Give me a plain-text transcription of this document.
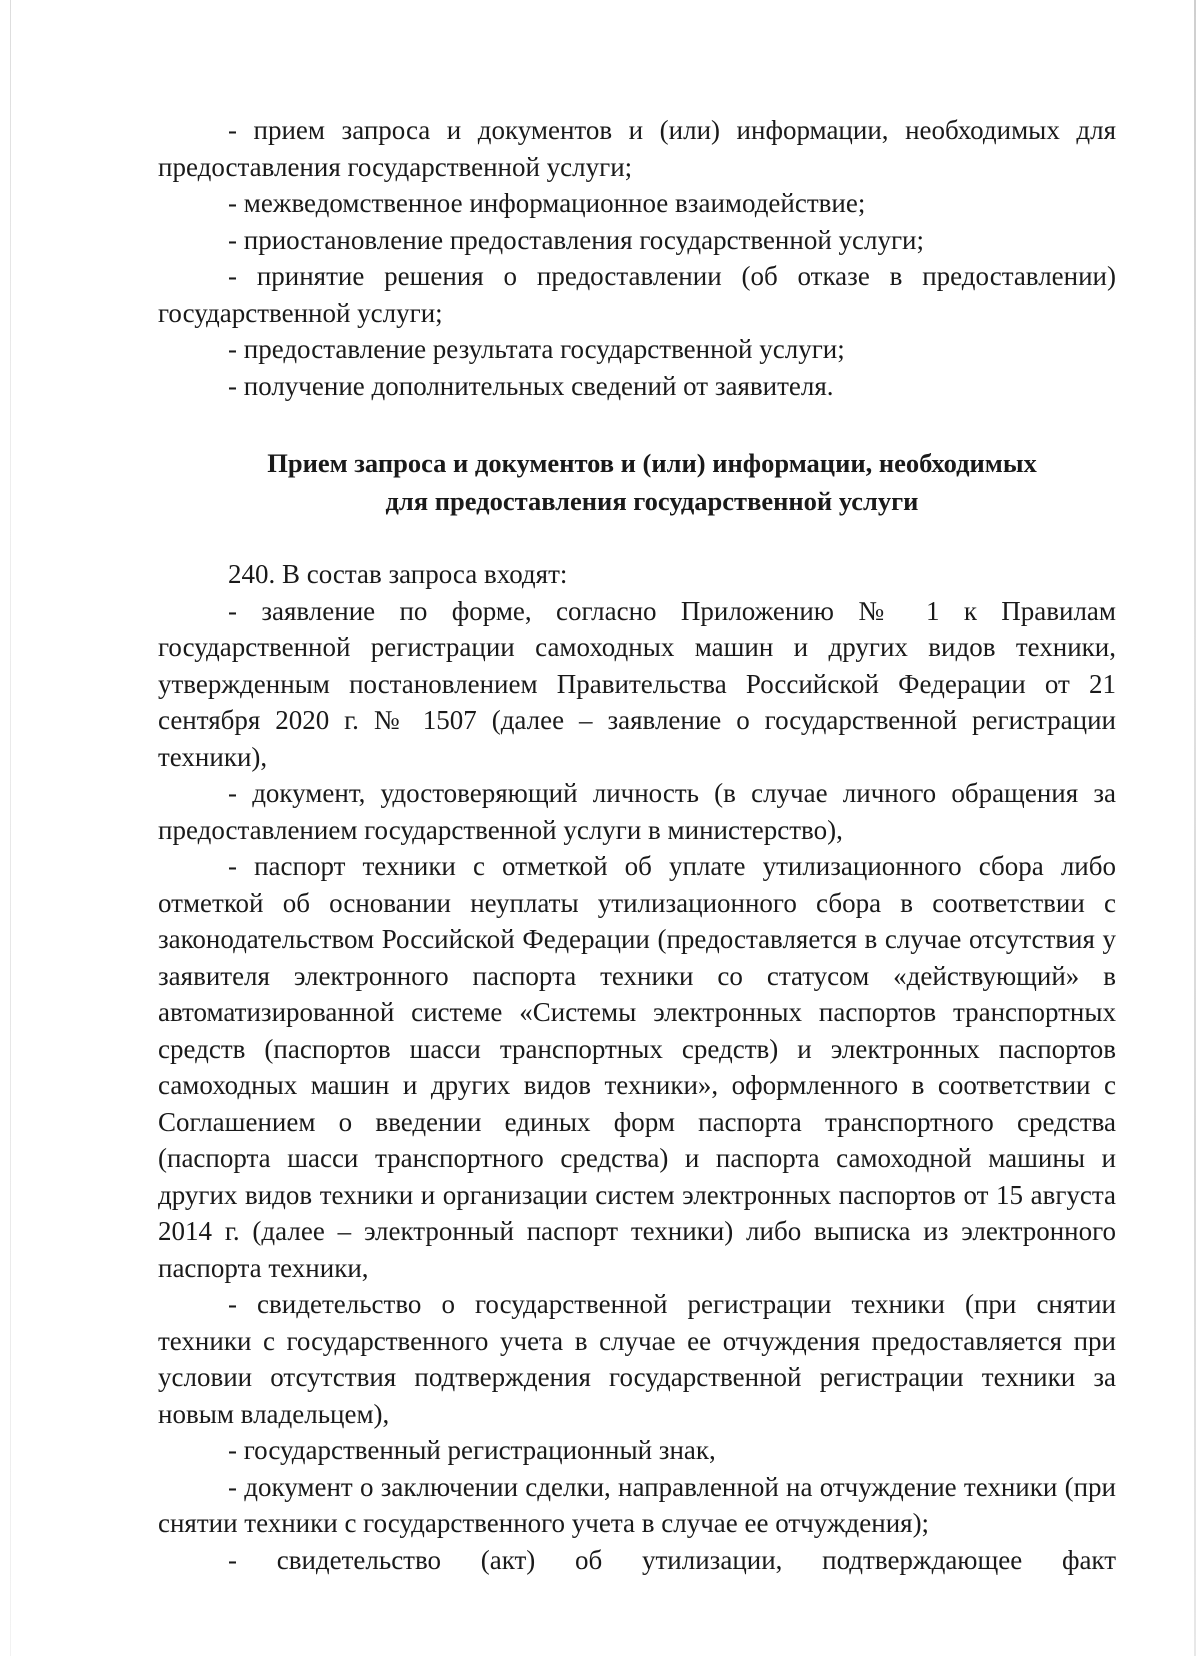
- прием запроса и документов и (или) информации, необходимых для предоставления государственной услуги;

- межведомственное информационное взаимодействие;

- приостановление предоставления государственной услуги;

- принятие решения о предоставлении (об отказе в предоставлении) государственной услуги;

- предоставление результата государственной услуги;

- получение дополнительных сведений от заявителя.

Прием запроса и документов и (или) информации, необходимых
для предоставления государственной услуги

240. В состав запроса входят:

- заявление по форме, согласно Приложению № 1 к Правилам государственной регистрации самоходных машин и других видов техники, утвержденным постановлением Правительства Российской Федерации от 21 сентября 2020 г. № 1507 (далее – заявление о государственной регистрации техники),

- документ, удостоверяющий личность (в случае личного обращения за предоставлением государственной услуги в министерство),

- паспорт техники с отметкой об уплате утилизационного сбора либо отметкой об основании неуплаты утилизационного сбора в соответствии с законодательством Российской Федерации (предоставляется в случае отсутствия у заявителя электронного паспорта техники со статусом «действующий» в автоматизированной системе «Системы электронных паспортов транспортных средств (паспортов шасси транспортных средств) и электронных паспортов самоходных машин и других видов техники», оформленного в соответствии с Соглашением о введении единых форм паспорта транспортного средства (паспорта шасси транспортного средства) и паспорта самоходной машины и других видов техники и организации систем электронных паспортов от 15 августа 2014 г. (далее – электронный паспорт техники) либо выписка из электронного паспорта техники,

- свидетельство о государственной регистрации техники (при снятии техники с государственного учета в случае ее отчуждения предоставляется при условии отсутствия подтверждения государственной регистрации техники за новым владельцем),

- государственный регистрационный знак,

- документ о заключении сделки, направленной на отчуждение техники (при снятии техники с государственного учета в случае ее отчуждения);

- свидетельство (акт) об утилизации, подтверждающее факт
